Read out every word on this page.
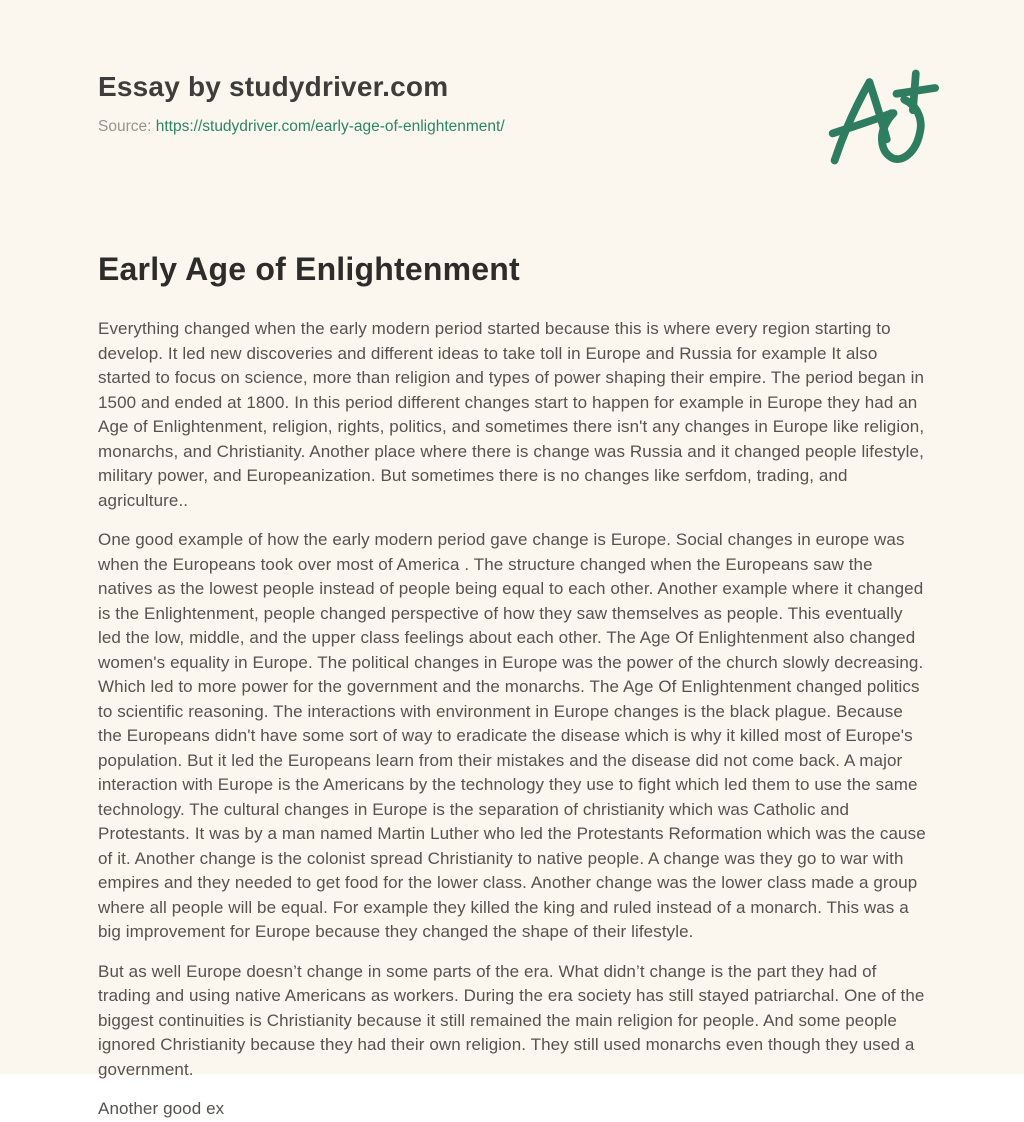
Essay by studydriver.com

Source: https://studydriver.com/early-age-of-enlightenment/

Early Age of Enlightenment

Everything changed when the early modern period started because this is where every region starting to develop. It led new discoveries and different ideas to take toll in Europe and Russia for example It also started to focus on science, more than religion and types of power shaping their empire. The period began in 1500 and ended at 1800. In this period different changes start to happen for example in Europe they had an Age of Enlightenment, religion, rights, politics, and sometimes there isn't any changes in Europe like religion, monarchs, and Christianity. Another place where there is change was Russia and it changed people lifestyle, military power, and Europeanization. But sometimes there is no changes like serfdom, trading, and agriculture..

One good example of how the early modern period gave change is Europe. Social changes in europe was when the Europeans took over most of America . The structure changed when the Europeans saw the natives as the lowest people instead of people being equal to each other. Another example where it changed is the Enlightenment, people changed perspective of how they saw themselves as people. This eventually led the low, middle, and the upper class feelings about each other. The Age Of Enlightenment also changed women's equality in Europe. The political changes in Europe was the power of the church slowly decreasing. Which led to more power for the government and the monarchs. The Age Of Enlightenment changed politics to scientific reasoning. The interactions with environment in Europe changes is the black plague. Because the Europeans didn't have some sort of way to eradicate the disease which is why it killed most of Europe's population. But it led the Europeans learn from their mistakes and the disease did not come back. A major interaction with Europe is the Americans by the technology they use to fight which led them to use the same technology. The cultural changes in Europe is the separation of christianity which was Catholic and Protestants. It was by a man named Martin Luther who led the Protestants Reformation which was the cause of it. Another change is the colonist spread Christianity to native people. A change was they go to war with empires and they needed to get food for the lower class. Another change was the lower class made a group where all people will be equal. For example they killed the king and ruled instead of a monarch. This was a big improvement for Europe because they changed the shape of their lifestyle.

But as well Europe doesn’t change in some parts of the era. What didn’t change is the part they had of trading and using native Americans as workers. During the era society has still stayed patriarchal. One of the biggest continuities is Christianity because it still remained the main religion for people. And some people ignored Christianity because they had their own religion. They still used monarchs even though they used a government.

Another good ex
